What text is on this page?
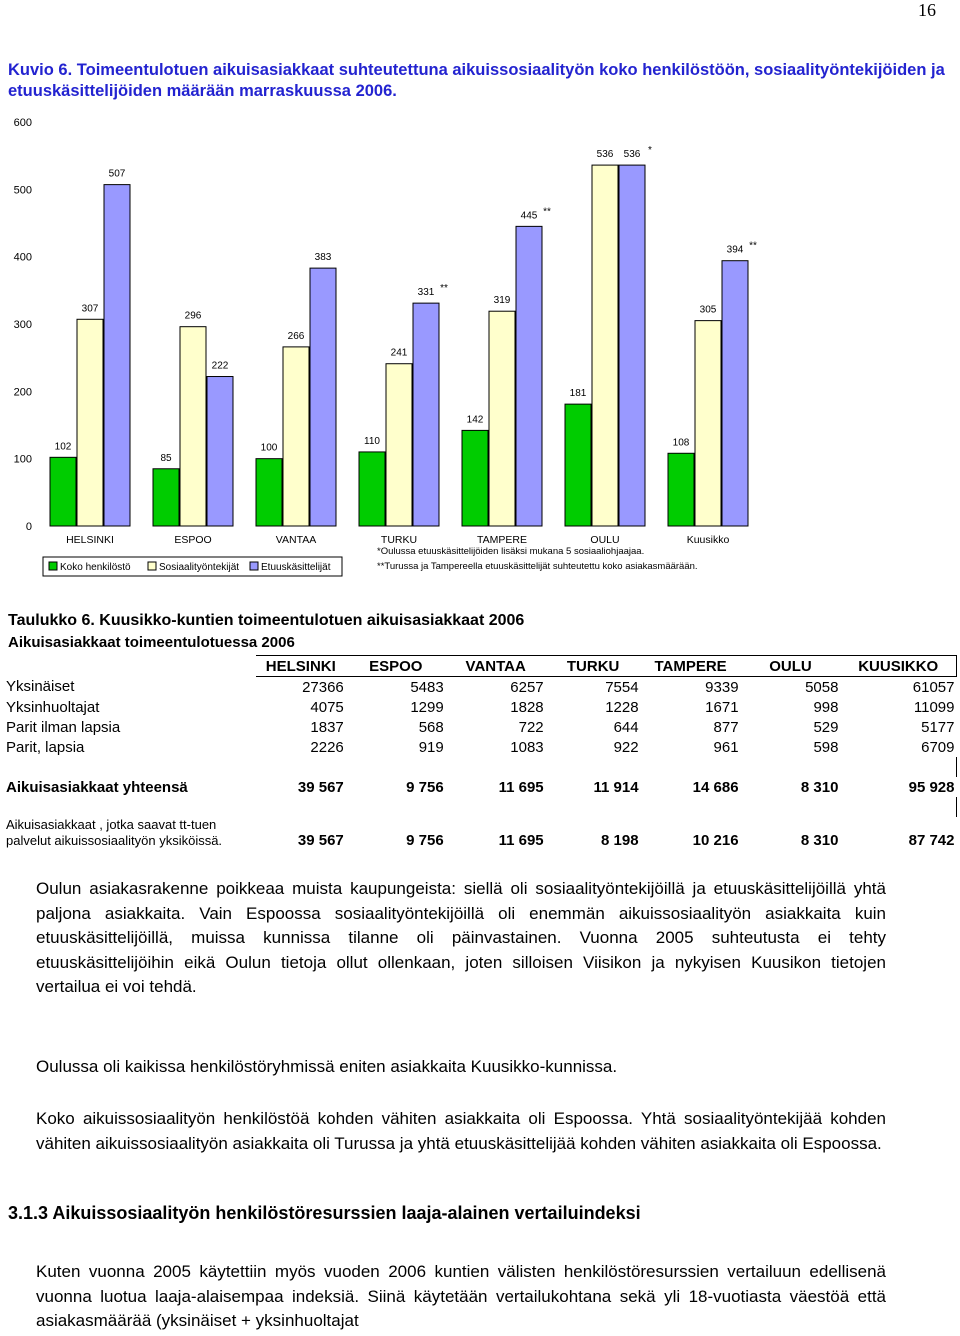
16
Kuvio 6. Toimeentulotuen aikuisasiakkaat suhteutettuna aikuissosiaalityön koko henkilöstöön, sosiaalityöntekijöiden ja etuuskäsittelijöiden määrään marraskuussa 2006.
0
100
200
300
400
500
600
102
307
507
HELSINKI
85
296
222
ESPOO
100
266
383
VANTAA
110
241
331 **
TURKU
142
319
445 **
TAMPERE
181
536 536 *
OULU
108
305
394 **
Kuusikko
Koko henkilöstö	Sosiaalityöntekijät Etuuskäsittelijät
*Oulussa etuuskäsittelijöiden lisäksi mukana 5 sosiaaliohjaajaa.
**Turussa ja Tampereella etuuskäsittelijät suhteutettu koko asiakasmäärään.
Taulukko 6. Kuusikko-kuntien toimeentulotuen aikuisasiakkaat 2006
Aikuisasiakkaat toimeentulotuessa 2006
	HELSINKI	ESPOO	VANTAA	TURKU	TAMPERE	OULU	KUUSIKKO
Yksinäiset	27366	5483	6257	7554	9339	5058	61057
Yksinhuoltajat	4075	1299	1828	1228	1671	998	11099
Parit ilman lapsia	1837	568	722	644	877	529	5177
Parit, lapsia	2226	919	1083	922	961	598	6709

Aikuisasiakkaat yhteensä	39 567	9 756	11 695	11 914	14 686	8 310	95 928

Aikuisasiakkaat , jotka saavat tt-tuen
palvelut aikuissosiaalityön yksiköissä.	39 567	9 756	11 695	8 198	10 216	8 310	87 742
Oulun asiakasrakenne poikkeaa muista kaupungeista: siellä oli sosiaalityöntekijöillä ja etuuskäsittelijöillä yhtä paljona asiakkaita. Vain Espoossa sosiaalityöntekijöillä oli enemmän aikuissosiaalityön asiakkaita kuin etuuskäsittelijöillä, muissa kunnissa tilanne oli päinvastainen. Vuonna 2005 suhteutusta ei tehty etuuskäsittelijöihin eikä Oulun tietoja ollut ollenkaan, joten silloisen Viisikon ja nykyisen Kuusikon tietojen vertailua ei voi tehdä.
Oulussa oli kaikissa henkilöstöryhmissä eniten asiakkaita Kuusikko-kunnissa.
Koko aikuissosiaalityön henkilöstöä kohden vähiten asiakkaita oli Espoossa. Yhtä sosiaalityöntekijää kohden vähiten aikuissosiaalityön asiakkaita oli Turussa ja yhtä etuuskäsittelijää kohden vähiten asiakkaita oli Espoossa.
3.1.3 Aikuissosiaalityön henkilöstöresurssien laaja-alainen vertailuindeksi
Kuten vuonna 2005 käytettiin myös vuoden 2006 kuntien välisten henkilöstöresurssien vertailuun edellisenä vuonna luotua laaja-alaisempaa indeksiä. Siinä käytetään vertailukohtana sekä yli 18-vuotiasta väestöä että asiakasmäärää (yksinäiset + yksinhuoltajat
